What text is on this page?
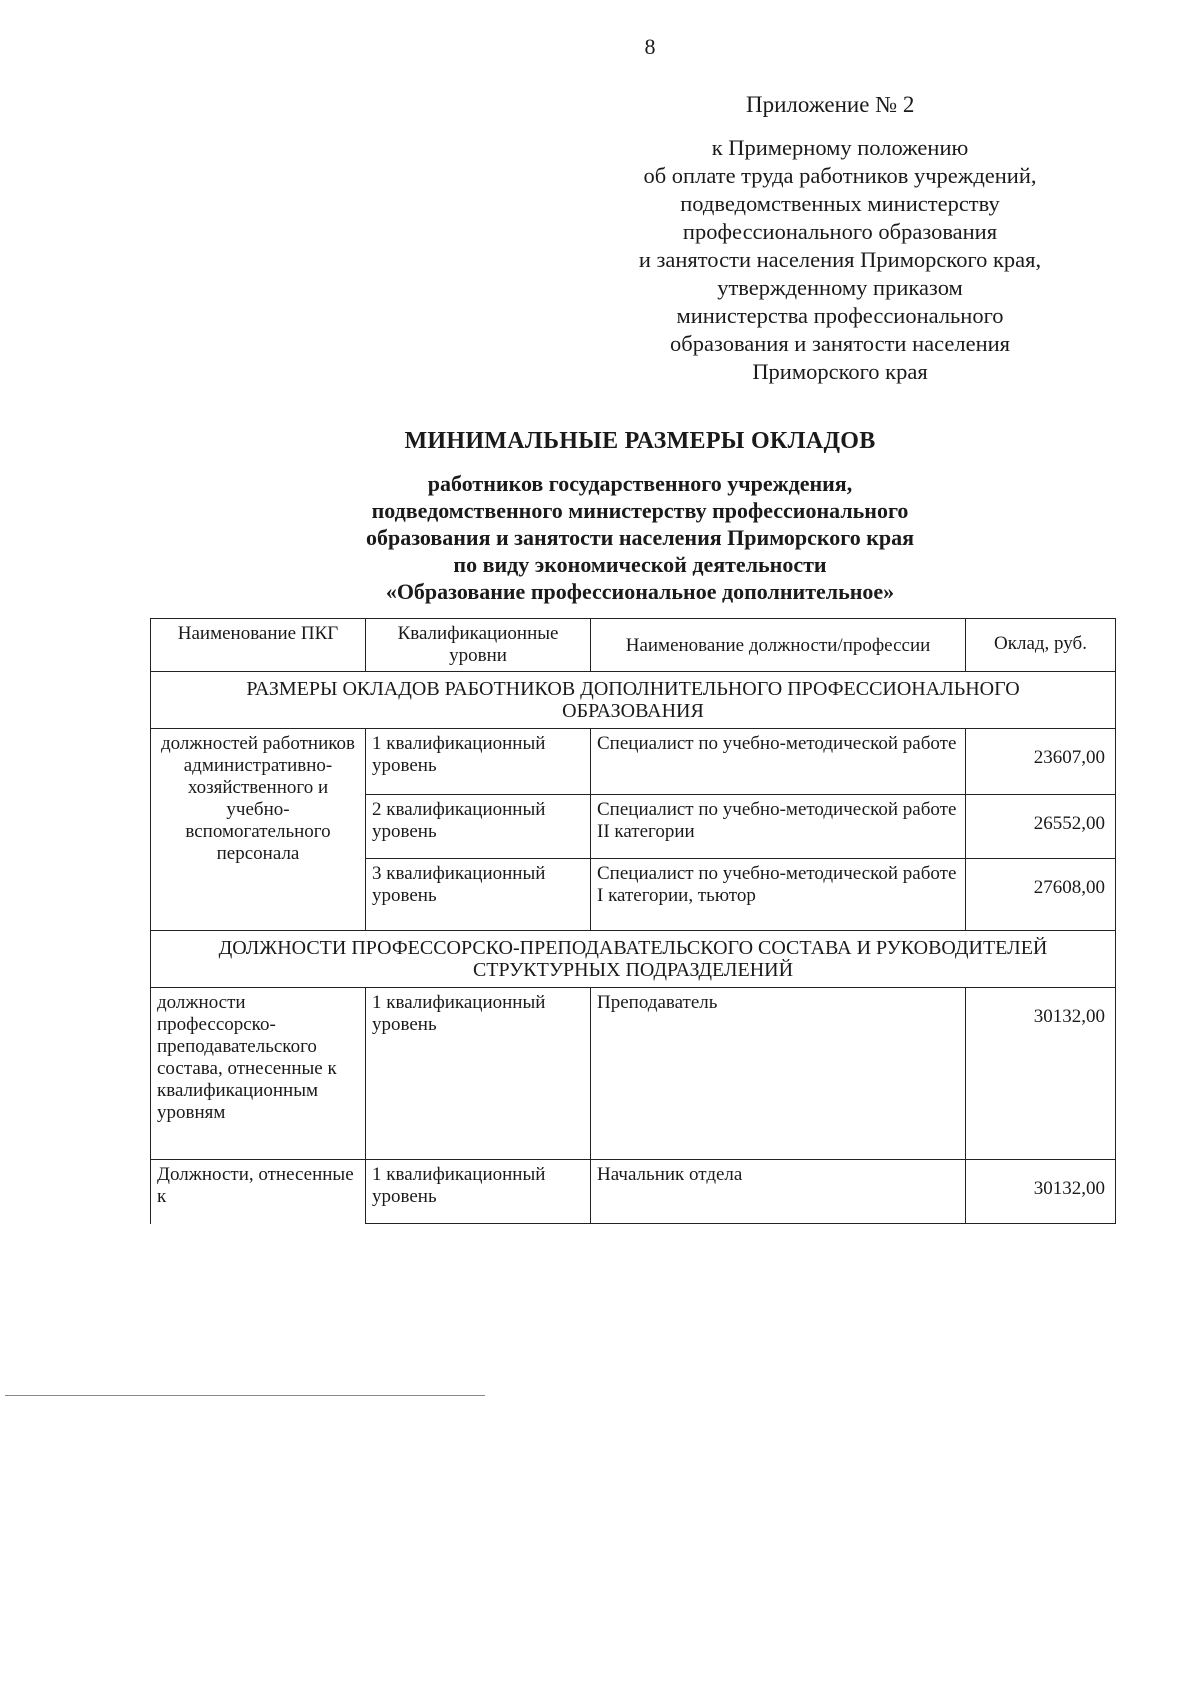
8
Приложение № 2
к Примерному положению
об оплате труда работников учреждений,
подведомственных министерству
профессионального образования
и занятости населения Приморского края,
утвержденному приказом
министерства профессионального
образования и занятости населения
Приморского края
МИНИМАЛЬНЫЕ РАЗМЕРЫ ОКЛАДОВ
работников государственного учреждения,
подведомственного министерству профессионального
образования и занятости населения Приморского края
по виду экономической деятельности
«Образование профессиональное дополнительное»
Наименование ПКГ	Квалификационные уровни	Наименование должности/профессии	Оклад, руб.
РАЗМЕРЫ ОКЛАДОВ РАБОТНИКОВ ДОПОЛНИТЕЛЬНОГО ПРОФЕССИОНАЛЬНОГО ОБРАЗОВАНИЯ			
должностей работников административно-хозяйственного и учебно-вспомогательного персонала	1 квалификационный уровень	Специалист по учебно-методической работе	23607,00
	2 квалификационный уровень	Специалист по учебно-методической работе II категории	26552,00
	3 квалификационный уровень	Специалист по учебно-методической работе I категории, тьютор	27608,00
ДОЛЖНОСТИ ПРОФЕССОРСКО-ПРЕПОДАВАТЕЛЬСКОГО СОСТАВА И РУКОВОДИТЕЛЕЙ СТРУКТУРНЫХ ПОДРАЗДЕЛЕНИЙ			
должности профессорско-преподавательского состава, отнесенные к квалификационным уровням	1 квалификационный уровень	Преподаватель	30132,00
Должности, отнесенные к	1 квалификационный уровень	Начальник отдела	30132,00
